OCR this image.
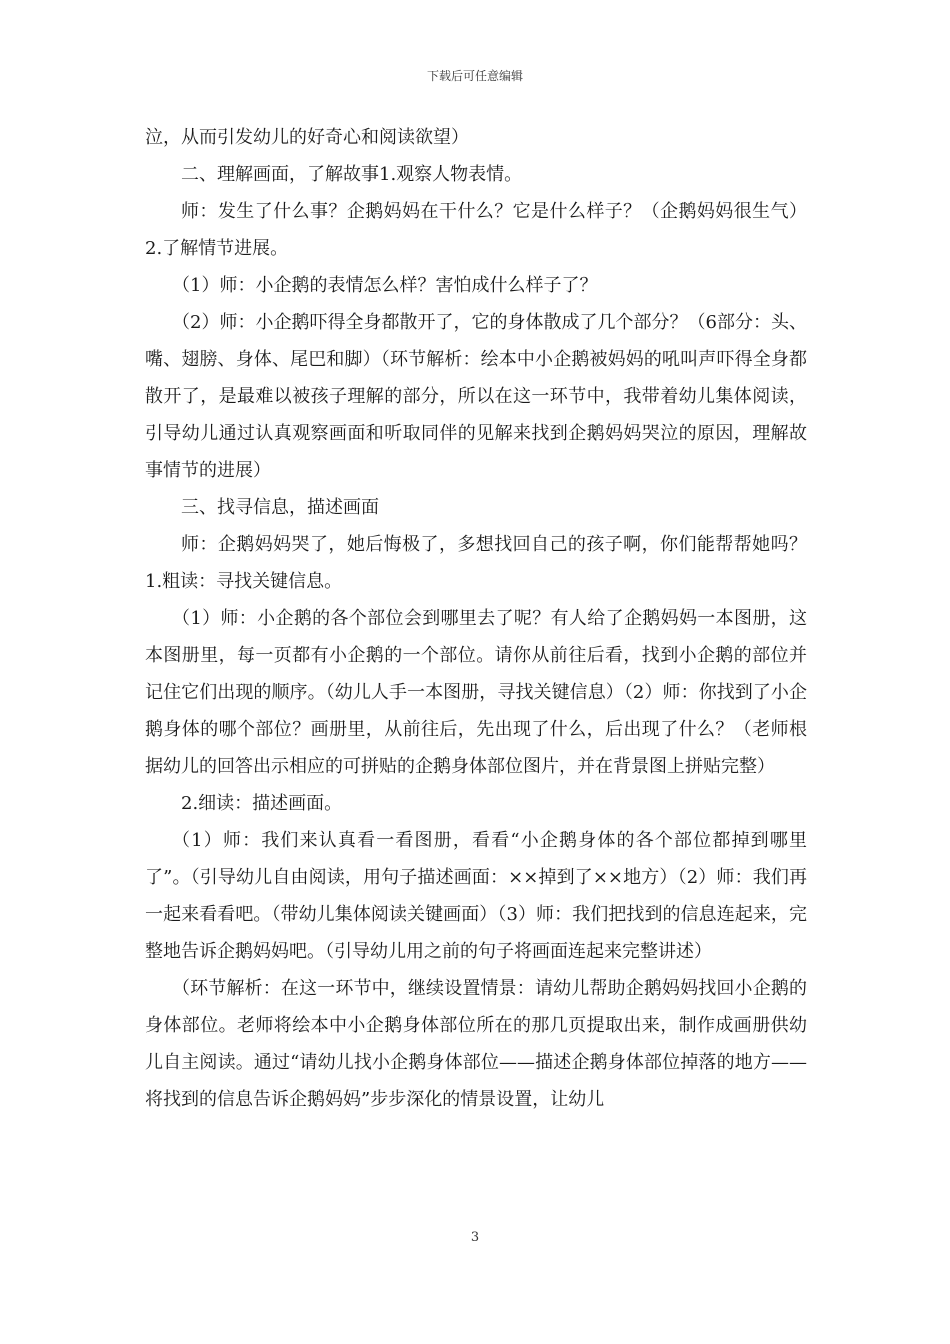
下载后可任意编辑

泣，从而引发幼儿的好奇心和阅读欲望）

二、理解画面，了解故事1.观察人物表情。

师：发生了什么事？企鹅妈妈在干什么？它是什么样子？（企鹅妈妈很生气）2.了解情节进展。

（1）师：小企鹅的表情怎么样？害怕成什么样子了？

（2）师：小企鹅吓得全身都散开了，它的身体散成了几个部分？（6部分：头、嘴、翅膀、身体、尾巴和脚）（环节解析：绘本中小企鹅被妈妈的吼叫声吓得全身都散开了，是最难以被孩子理解的部分，所以在这一环节中，我带着幼儿集体阅读，引导幼儿通过认真观察画面和听取同伴的见解来找到企鹅妈妈哭泣的原因，理解故事情节的进展）

三、找寻信息，描述画面

师：企鹅妈妈哭了，她后悔极了，多想找回自己的孩子啊，你们能帮帮她吗？1.粗读：寻找关键信息。

（1）师：小企鹅的各个部位会到哪里去了呢？有人给了企鹅妈妈一本图册，这本图册里，每一页都有小企鹅的一个部位。请你从前往后看，找到小企鹅的部位并记住它们出现的顺序。（幼儿人手一本图册，寻找关键信息）（2）师：你找到了小企鹅身体的哪个部位？画册里，从前往后，先出现了什么，后出现了什么？（老师根据幼儿的回答出示相应的可拼贴的企鹅身体部位图片，并在背景图上拼贴完整）

2.细读：描述画面。

（1）师：我们来认真看一看图册，看看“小企鹅身体的各个部位都掉到哪里了”。（引导幼儿自由阅读，用句子描述画面：××掉到了××地方）（2）师：我们再一起来看看吧。（带幼儿集体阅读关键画面）（3）师：我们把找到的信息连起来，完整地告诉企鹅妈妈吧。（引导幼儿用之前的句子将画面连起来完整讲述）

（环节解析：在这一环节中，继续设置情景：请幼儿帮助企鹅妈妈找回小企鹅的身体部位。老师将绘本中小企鹅身体部位所在的那几页提取出来，制作成画册供幼儿自主阅读。通过“请幼儿找小企鹅身体部位——描述企鹅身体部位掉落的地方——将找到的信息告诉企鹅妈妈”步步深化的情景设置，让幼儿

3
